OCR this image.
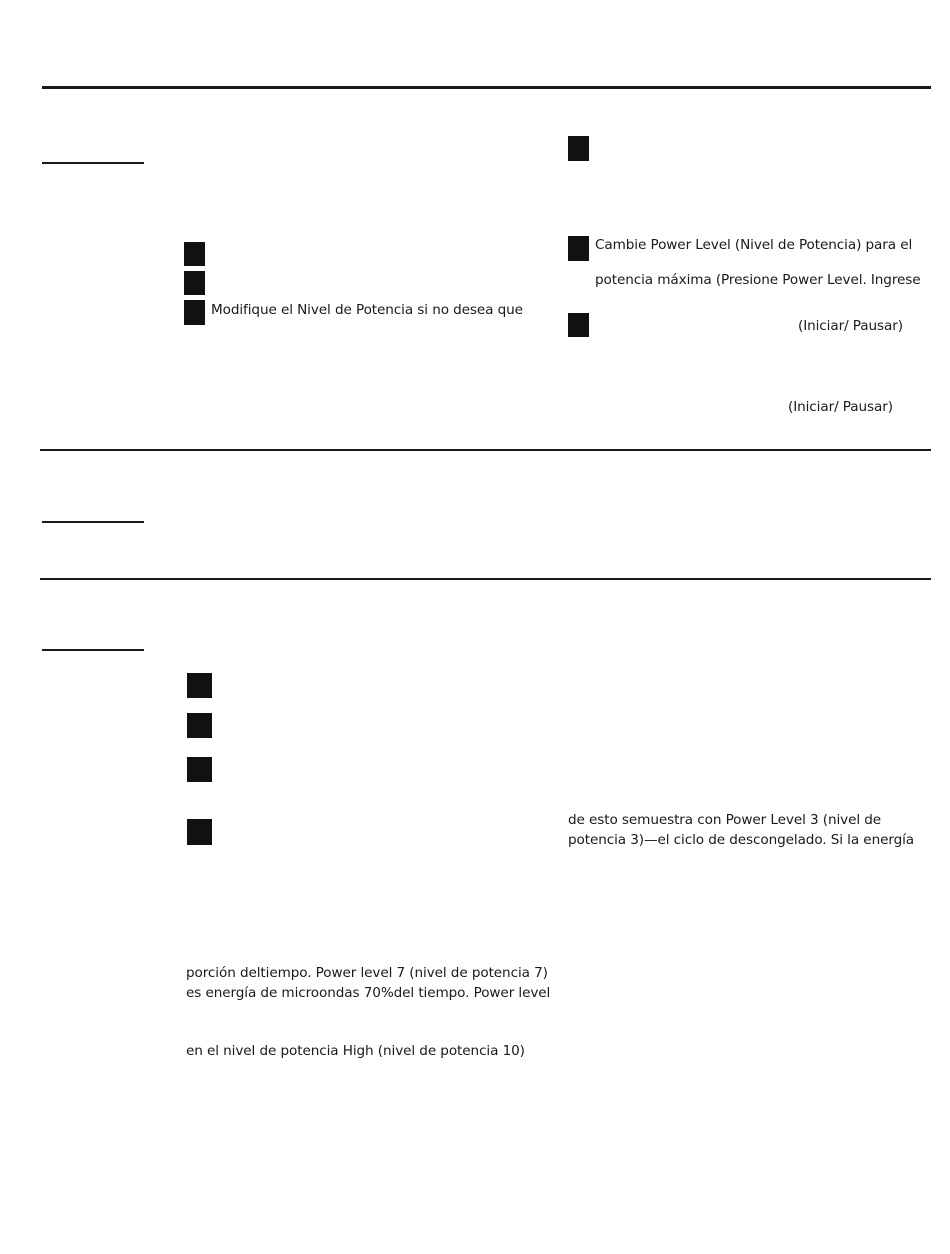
Modifique el Nivel de Potencia si no desea que
Cambie Power Level (Nivel de Potencia) para el
potencia máxima (Presione Power Level. Ingrese
(Iniciar/ Pausar)
(Iniciar/ Pausar)
de esto semuestra con Power Level 3 (nivel de
potencia 3)—el ciclo de descongelado. Si la energía
porción deltiempo. Power level 7 (nivel de potencia 7)
es energía de microondas 70%del tiempo. Power level
en el nivel de potencia High (nivel de potencia 10)
